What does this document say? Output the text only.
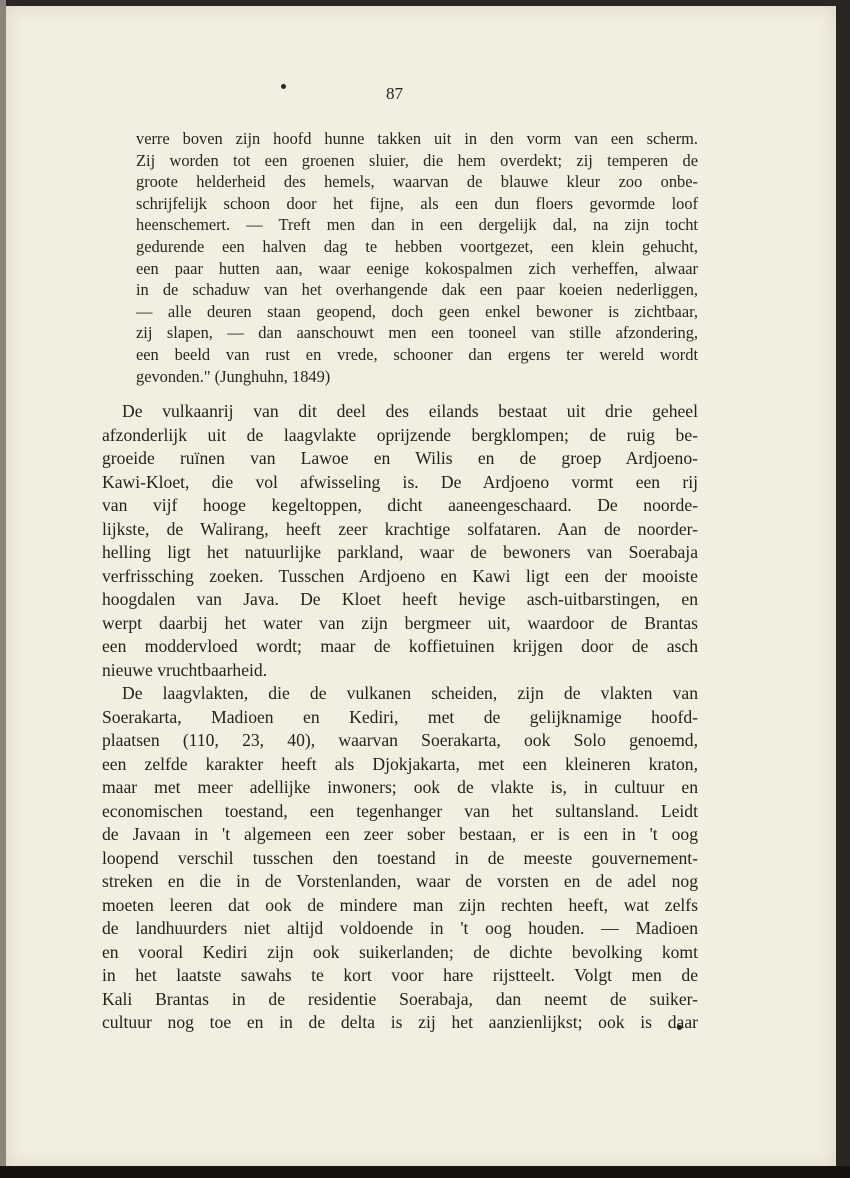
87
verre boven zijn hoofd hunne takken uit in den vorm van een scherm.
Zij worden tot een groenen sluier, die hem overdekt; zij temperen de
groote helderheid des hemels, waarvan de blauwe kleur zoo onbe-
schrijfelijk schoon door het fijne, als een dun floers gevormde loof
heenschemert. — Treft men dan in een dergelijk dal, na zijn tocht
gedurende een halven dag te hebben voortgezet, een klein gehucht,
een paar hutten aan, waar eenige kokospalmen zich verheffen, alwaar
in de schaduw van het overhangende dak een paar koeien nederliggen,
— alle deuren staan geopend, doch geen enkel bewoner is zichtbaar,
zij slapen, — dan aanschouwt men een tooneel van stille afzondering,
een beeld van rust en vrede, schooner dan ergens ter wereld wordt
gevonden." (Junghuhn, 1849)
De vulkaanrij van dit deel des eilands bestaat uit drie geheel
afzonderlijk uit de laagvlakte oprijzende bergklompen; de ruig be-
groeide ruïnen van Lawoe en Wilis en de groep Ardjoeno-
Kawi-Kloet, die vol afwisseling is. De Ardjoeno vormt een rij
van vijf hooge kegeltoppen, dicht aaneengeschaard. De noorde-
lijkste, de Walirang, heeft zeer krachtige solfataren. Aan de noorder-
helling ligt het natuurlijke parkland, waar de bewoners van Soerabaja
verfrissching zoeken. Tusschen Ardjoeno en Kawi ligt een der mooiste
hoogdalen van Java. De Kloet heeft hevige asch-uitbarstingen, en
werpt daarbij het water van zijn bergmeer uit, waardoor de Brantas
een moddervloed wordt; maar de koffietuinen krijgen door de asch
nieuwe vruchtbaarheid.
De laagvlakten, die de vulkanen scheiden, zijn de vlakten van
Soerakarta, Madioen en Kediri, met de gelijknamige hoofd-
plaatsen (110, 23, 40), waarvan Soerakarta, ook Solo genoemd,
een zelfde karakter heeft als Djokjakarta, met een kleineren kraton,
maar met meer adellijke inwoners; ook de vlakte is, in cultuur en
economischen toestand, een tegenhanger van het sultansland. Leidt
de Javaan in 't algemeen een zeer sober bestaan, er is een in 't oog
loopend verschil tusschen den toestand in de meeste gouvernement-
streken en die in de Vorstenlanden, waar de vorsten en de adel nog
moeten leeren dat ook de mindere man zijn rechten heeft, wat zelfs
de landhuurders niet altijd voldoende in 't oog houden. — Madioen
en vooral Kediri zijn ook suikerlanden; de dichte bevolking komt
in het laatste sawahs te kort voor hare rijstteelt. Volgt men de
Kali Brantas in de residentie Soerabaja, dan neemt de suiker-
cultuur nog toe en in de delta is zij het aanzienlijkst; ook is daar
